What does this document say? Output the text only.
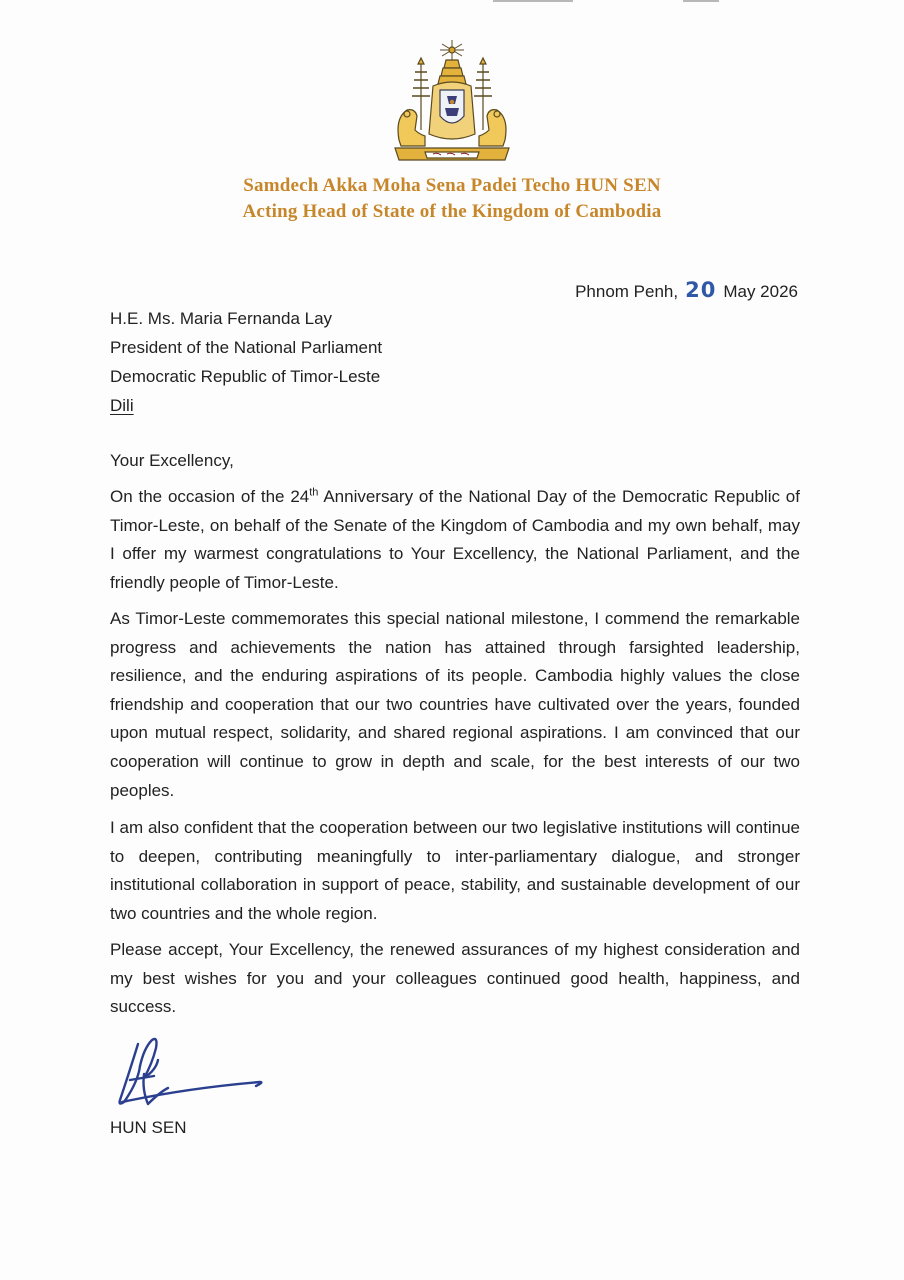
Samdech Akka Moha Sena Padei Techo HUN SEN
Acting Head of State of the Kingdom of Cambodia
Phnom Penh, 20 May 2026
H.E. Ms. Maria Fernanda Lay
President of the National Parliament
Democratic Republic of Timor-Leste
Dili
Your Excellency,

On the occasion of the 24th Anniversary of the National Day of the Democratic Republic of Timor-Leste, on behalf of the Senate of the Kingdom of Cambodia and my own behalf, may I offer my warmest congratulations to Your Excellency, the National Parliament, and the friendly people of Timor-Leste.

As Timor-Leste commemorates this special national milestone, I commend the remarkable progress and achievements the nation has attained through farsighted leadership, resilience, and the enduring aspirations of its people. Cambodia highly values the close friendship and cooperation that our two countries have cultivated over the years, founded upon mutual respect, solidarity, and shared regional aspirations. I am convinced that our cooperation will continue to grow in depth and scale, for the best interests of our two peoples.

I am also confident that the cooperation between our two legislative institutions will continue to deepen, contributing meaningfully to inter-parliamentary dialogue, and stronger institutional collaboration in support of peace, stability, and sustainable development of our two countries and the whole region.

Please accept, Your Excellency, the renewed assurances of my highest consideration and my best wishes for you and your colleagues continued good health, happiness, and success.

HUN SEN
